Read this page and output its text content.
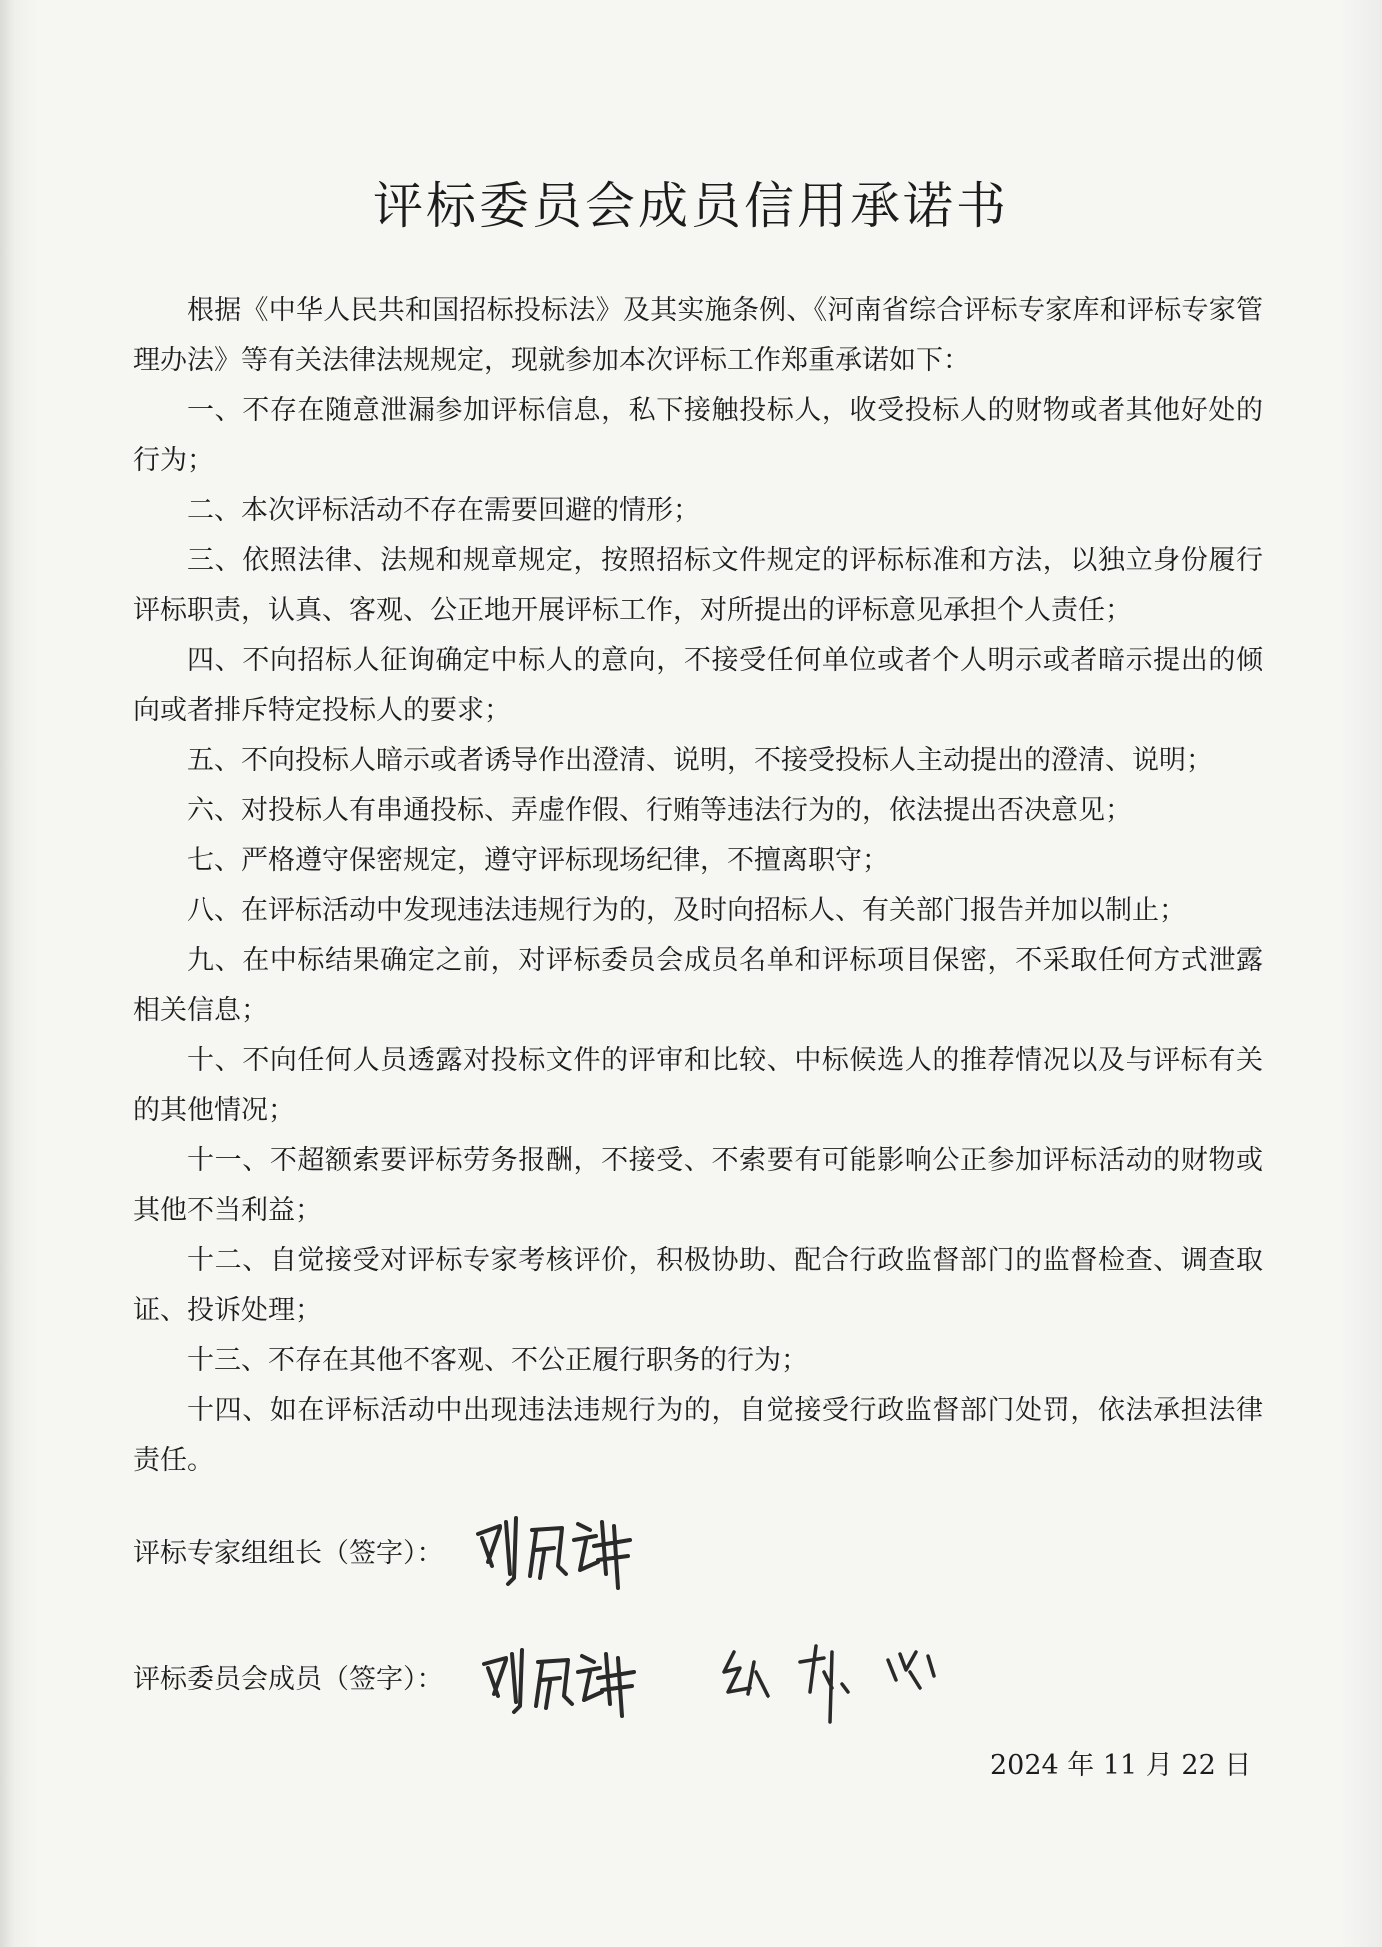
评标委员会成员信用承诺书

根据《中华人民共和国招标投标法》及其实施条例、《河南省综合评标专家库和评标专家管理办法》等有关法律法规规定，现就参加本次评标工作郑重承诺如下：

一、不存在随意泄漏参加评标信息，私下接触投标人，收受投标人的财物或者其他好处的行为；

二、本次评标活动不存在需要回避的情形；

三、依照法律、法规和规章规定，按照招标文件规定的评标标准和方法，以独立身份履行评标职责，认真、客观、公正地开展评标工作，对所提出的评标意见承担个人责任；

四、不向招标人征询确定中标人的意向，不接受任何单位或者个人明示或者暗示提出的倾向或者排斥特定投标人的要求；

五、不向投标人暗示或者诱导作出澄清、说明，不接受投标人主动提出的澄清、说明；

六、对投标人有串通投标、弄虚作假、行贿等违法行为的，依法提出否决意见；

七、严格遵守保密规定，遵守评标现场纪律，不擅离职守；

八、在评标活动中发现违法违规行为的，及时向招标人、有关部门报告并加以制止；

九、在中标结果确定之前，对评标委员会成员名单和评标项目保密，不采取任何方式泄露相关信息；

十、不向任何人员透露对投标文件的评审和比较、中标候选人的推荐情况以及与评标有关的其他情况；

十一、不超额索要评标劳务报酬，不接受、不索要有可能影响公正参加评标活动的财物或其他不当利益；

十二、自觉接受对评标专家考核评价，积极协助、配合行政监督部门的监督检查、调查取证、投诉处理；

十三、不存在其他不客观、不公正履行职务的行为；

十四、如在评标活动中出现违法违规行为的，自觉接受行政监督部门处罚，依法承担法律责任。

评标专家组组长（签字）：
评标委员会成员（签字）：
2024 年 11 月 22 日
